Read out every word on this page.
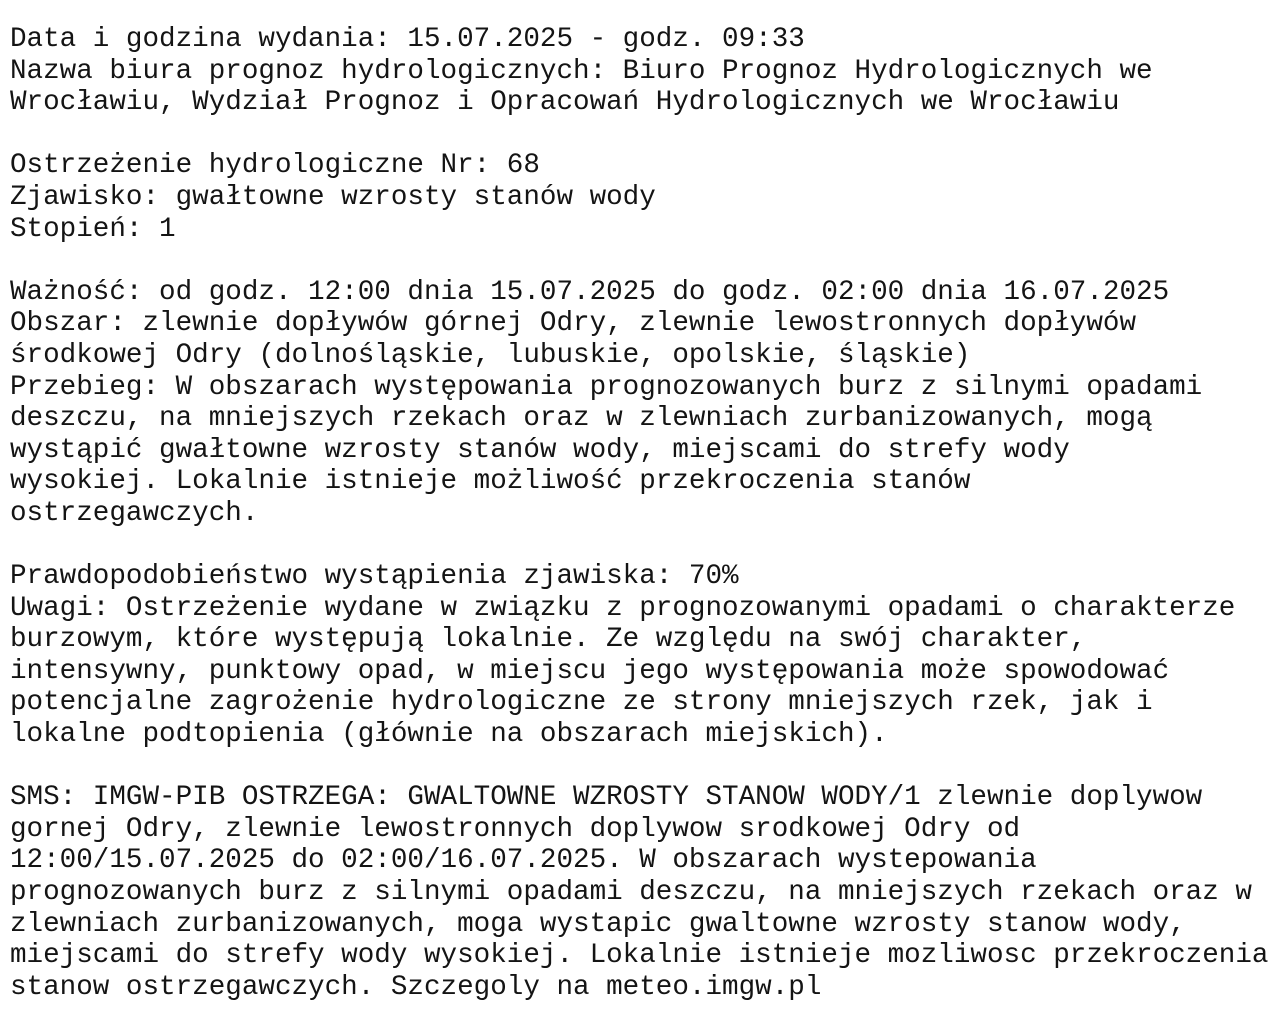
Data i godzina wydania: 15.07.2025 - godz. 09:33
Nazwa biura prognoz hydrologicznych: Biuro Prognoz Hydrologicznych we
Wrocławiu, Wydział Prognoz i Opracowań Hydrologicznych we Wrocławiu
Ostrzeżenie hydrologiczne Nr: 68
Zjawisko: gwałtowne wzrosty stanów wody
Stopień: 1
Ważność: od godz. 12:00 dnia 15.07.2025 do godz. 02:00 dnia 16.07.2025
Obszar: zlewnie dopływów górnej Odry, zlewnie lewostronnych dopływów
środkowej Odry (dolnośląskie, lubuskie, opolskie, śląskie)
Przebieg: W obszarach występowania prognozowanych burz z silnymi opadami
deszczu, na mniejszych rzekach oraz w zlewniach zurbanizowanych, mogą
wystąpić gwałtowne wzrosty stanów wody, miejscami do strefy wody
wysokiej. Lokalnie istnieje możliwość przekroczenia stanów
ostrzegawczych.
Prawdopodobieństwo wystąpienia zjawiska: 70%
Uwagi: Ostrzeżenie wydane w związku z prognozowanymi opadami o charakterze
burzowym, które występują lokalnie. Ze względu na swój charakter,
intensywny, punktowy opad, w miejscu jego występowania może spowodować
potencjalne zagrożenie hydrologiczne ze strony mniejszych rzek, jak i
lokalne podtopienia (głównie na obszarach miejskich).
SMS: IMGW-PIB OSTRZEGA: GWALTOWNE WZROSTY STANOW WODY/1 zlewnie doplywow
gornej Odry, zlewnie lewostronnych doplywow srodkowej Odry od
12:00/15.07.2025 do 02:00/16.07.2025. W obszarach wystepowania
prognozowanych burz z silnymi opadami deszczu, na mniejszych rzekach oraz w
zlewniach zurbanizowanych, moga wystapic gwaltowne wzrosty stanow wody,
miejscami do strefy wody wysokiej. Lokalnie istnieje mozliwosc przekroczenia
stanow ostrzegawczych. Szczegoly na meteo.imgw.pl
